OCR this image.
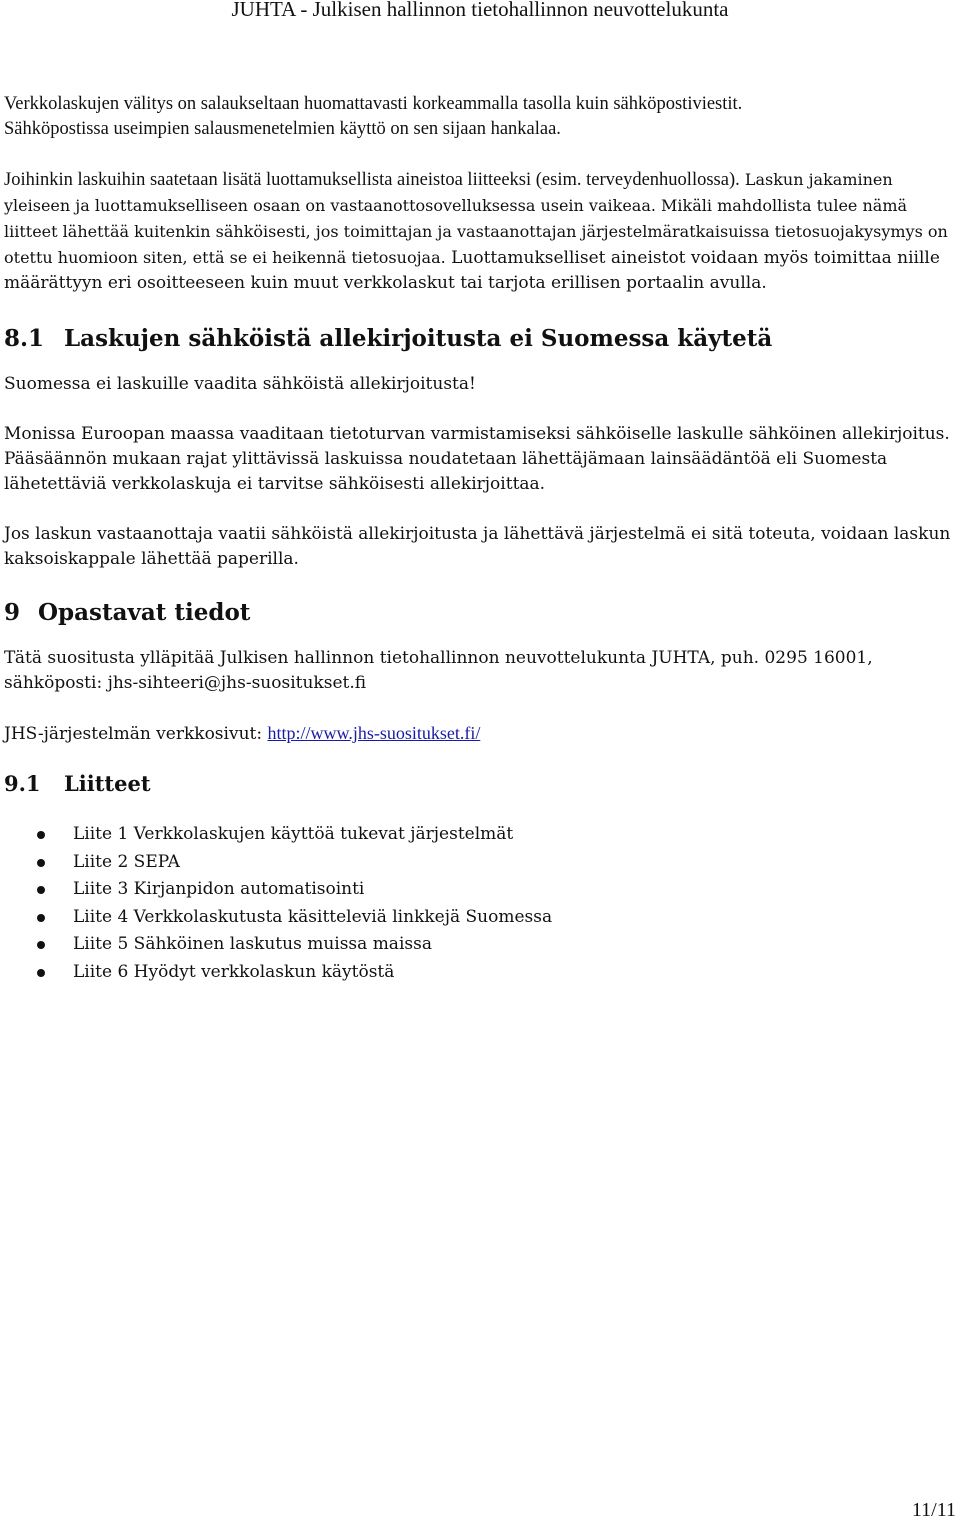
JUHTA - Julkisen hallinnon tietohallinnon neuvottelukunta

Verkkolaskujen välitys on salaukseltaan huomattavasti korkeammalla tasolla kuin sähköpostiviestit.
Sähköpostissa useimpien salausmenetelmien käyttö on sen sijaan hankalaa.

Joihinkin laskuihin saatetaan lisätä luottamuksellista aineistoa liitteeksi (esim. terveydenhuollossa). Laskun jakaminen yleiseen ja luottamukselliseen osaan on vastaanottosovelluksessa usein vaikeaa. Mikäli mahdollista tulee nämä liitteet lähettää kuitenkin sähköisesti, jos toimittajan ja vastaanottajan järjestelmäratkaisuissa tietosuojakysymys on otettu huomioon siten, että se ei heikennä tietosuojaa. Luottamukselliset aineistot voidaan myös toimittaa niille määrättyyn eri osoitteeseen kuin muut verkkolaskut tai tarjota erillisen portaalin avulla.

8.1 Laskujen sähköistä allekirjoitusta ei Suomessa käytetä

Suomessa ei laskuille vaadita sähköistä allekirjoitusta!

Monissa Euroopan maassa vaaditaan tietoturvan varmistamiseksi sähköiselle laskulle sähköinen allekirjoitus. Pääsäännön mukaan rajat ylittävissä laskuissa noudatetaan lähettäjämaan lainsäädäntöä eli Suomesta lähetettäviä verkkolaskuja ei tarvitse sähköisesti allekirjoittaa.

Jos laskun vastaanottaja vaatii sähköistä allekirjoitusta ja lähettävä järjestelmä ei sitä toteuta, voidaan laskun kaksoiskappale lähettää paperilla.

9 Opastavat tiedot

Tätä suositusta ylläpitää Julkisen hallinnon tietohallinnon neuvottelukunta JUHTA, puh. 0295 16001, sähköposti: jhs-sihteeri@jhs-suositukset.fi

JHS-järjestelmän verkkosivut: http://www.jhs-suositukset.fi/

9.1 Liitteet
Liite 1 Verkkolaskujen käyttöä tukevat järjestelmät
Liite 2 SEPA
Liite 3 Kirjanpidon automatisointi
Liite 4 Verkkolaskutusta käsitteleviä linkkejä Suomessa
Liite 5 Sähköinen laskutus muissa maissa
Liite 6 Hyödyt verkkolaskun käytöstä
11/11
